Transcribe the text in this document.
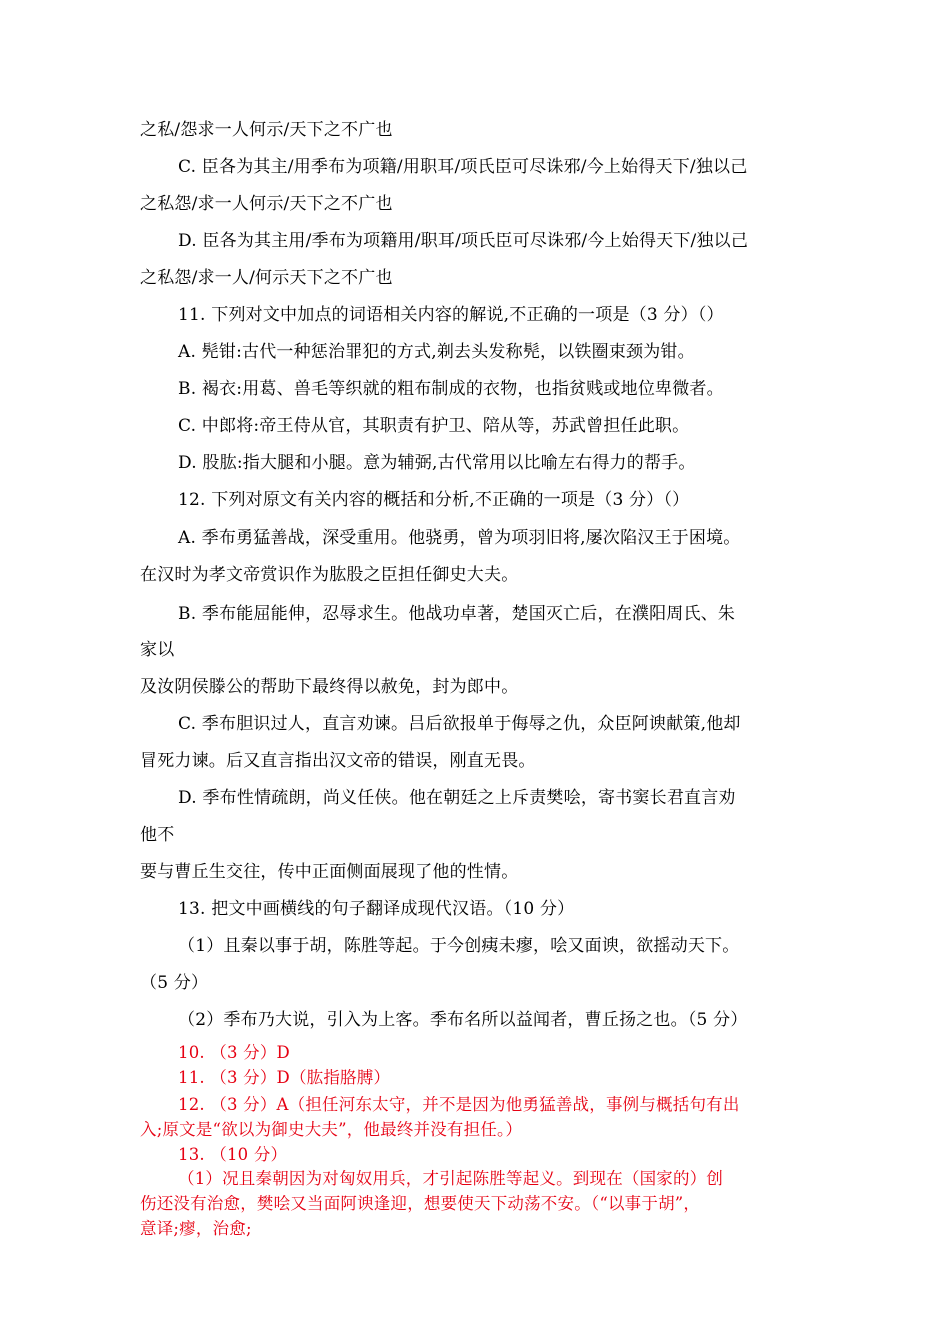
之私/怨求一人何示/天下之不广也
C. 臣各为其主/用季布为项籍/用职耳/项氏臣可尽诛邪/今上始得天下/独以己
之私怨/求一人何示/天下之不广也
D. 臣各为其主用/季布为项籍用/职耳/项氏臣可尽诛邪/今上始得天下/独以己
之私怨/求一人/何示天下之不广也
11. 下列对文中加点的词语相关内容的解说,不正确的一项是（3 分）（）
A. 髡钳:古代一种惩治罪犯的方式,剃去头发称髡，以铁圈束颈为钳。
B. 褐衣:用葛、兽毛等织就的粗布制成的衣物，也指贫贱或地位卑微者。
C. 中郎将:帝王侍从官，其职责有护卫、陪从等，苏武曾担任此职。
D. 股肱:指大腿和小腿。意为辅弼,古代常用以比喻左右得力的帮手。
12. 下列对原文有关内容的概括和分析,不正确的一项是（3 分）（）
A. 季布勇猛善战，深受重用。他骁勇，曾为项羽旧将,屡次陷汉王于困境。
在汉时为孝文帝赏识作为肱股之臣担任御史大夫。
B. 季布能屈能伸，忍辱求生。他战功卓著，楚国灭亡后，在濮阳周氏、朱
家以
及汝阴侯滕公的帮助下最终得以赦免，封为郎中。
C. 季布胆识过人，直言劝谏。吕后欲报单于侮辱之仇，众臣阿谀献策,他却
冒死力谏。后又直言指出汉文帝的错误，刚直无畏。
D. 季布性情疏朗，尚义任侠。他在朝廷之上斥责樊哙，寄书窦长君直言劝
他不
要与曹丘生交往，传中正面侧面展现了他的性情。
13. 把文中画横线的句子翻译成现代汉语。（10 分）
（1）且秦以事于胡，陈胜等起。于今创痍未瘳，哙又面谀，欲摇动天下。
（5 分）
（2）季布乃大说，引入为上客。季布名所以益闻者，曹丘扬之也。（5 分）
10. （3 分）D
11. （3 分）D（肱指胳膊）
12. （3 分）A（担任河东太守，并不是因为他勇猛善战，事例与概括句有出
入;原文是“欲以为御史大夫”，他最终并没有担任。）
13. （10 分）
（1）况且秦朝因为对匈奴用兵，才引起陈胜等起义。到现在（国家的）创
伤还没有治愈，樊哙又当面阿谀逢迎，想要使天下动荡不安。（“以事于胡”，
意译;瘳，治愈;
